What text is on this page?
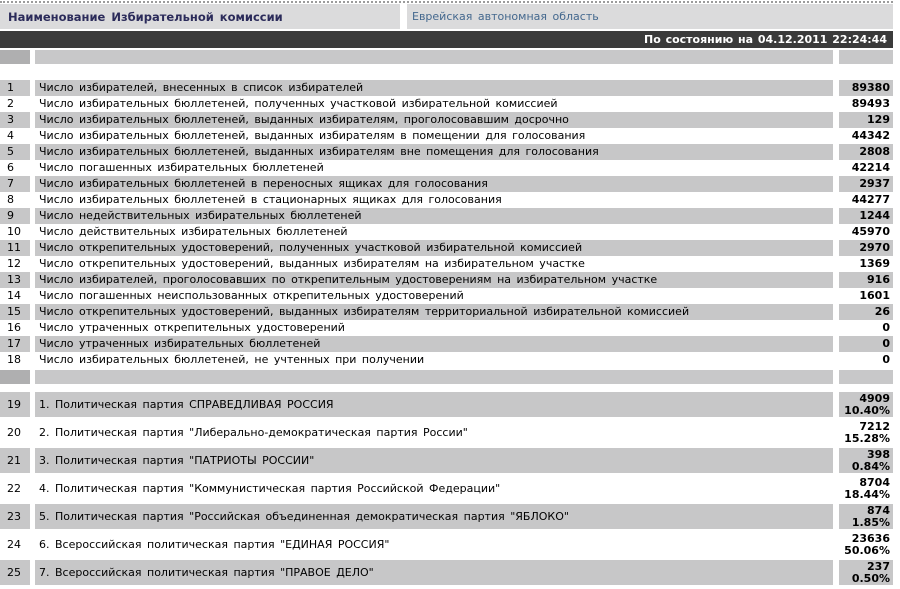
Наименование Избирательной комиссии	Еврейская автономная область
По состоянию на 04.12.2011 22:24:44
1	Число избирателей, внесенных в список избирателей	89380
2	Число избирательных бюллетеней, полученных участковой избирательной комиссией	89493
3	Число избирательных бюллетеней, выданных избирателям, проголосовавшим досрочно	129
4	Число избирательных бюллетеней, выданных избирателям в помещении для голосования	44342
5	Число избирательных бюллетеней, выданных избирателям вне помещения для голосования	2808
6	Число погашенных избирательных бюллетеней	42214
7	Число избирательных бюллетеней в переносных ящиках для голосования	2937
8	Число избирательных бюллетеней в стационарных ящиках для голосования	44277
9	Число недействительных избирательных бюллетеней	1244
10	Число действительных избирательных бюллетеней	45970
11	Число открепительных удостоверений, полученных участковой избирательной комиссией	2970
12	Число открепительных удостоверений, выданных избирателям на избирательном участке	1369
13	Число избирателей, проголосовавших по открепительным удостоверениям на избирательном участке	916
14	Число погашенных неиспользованных открепительных удостоверений	1601
15	Число открепительных удостоверений, выданных избирателям территориальной избирательной комиссией	26
16	Число утраченных открепительных удостоверений	0
17	Число утраченных избирательных бюллетеней	0
18	Число избирательных бюллетеней, не учтенных при получении	0
19	1. Политическая партия СПРАВЕДЛИВАЯ РОССИЯ	4909
10.40%
20	2. Политическая партия "Либерально-демократическая партия России"	7212
15.28%
21	3. Политическая партия "ПАТРИОТЫ РОССИИ"	398
0.84%
22	4. Политическая партия "Коммунистическая партия Российской Федерации"	8704
18.44%
23	5. Политическая партия "Российская объединенная демократическая партия "ЯБЛОКО"	874
1.85%
24	6. Всероссийская политическая партия "ЕДИНАЯ РОССИЯ"	23636
50.06%
25	7. Всероссийская политическая партия "ПРАВОЕ ДЕЛО"	237
0.50%
